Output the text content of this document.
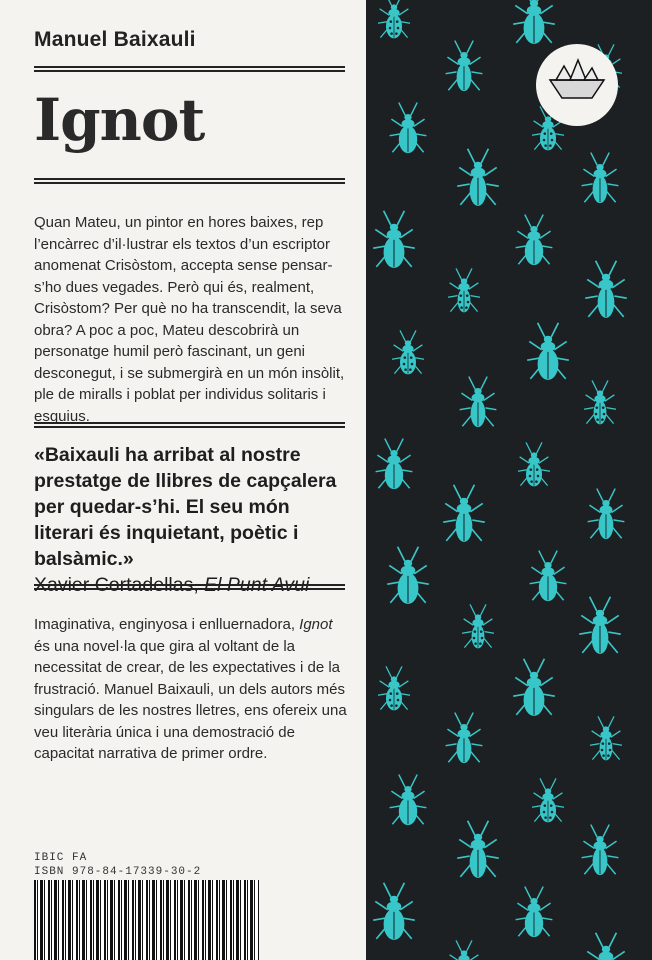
Manuel Baixauli
Ignot
Quan Mateu, un pintor en hores baixes, rep l’encàrrec d’il·lustrar els textos d’un escriptor anomenat Crisòstom, accepta sense pensar-s’ho dues vegades. Però qui és, realment, Crisòstom? Per què no ha transcendit, la seva obra? A poc a poc, Mateu descobrirà un personatge humil però fascinant, un geni desconegut, i se submergirà en un món insòlit, ple de miralls i poblat per individus solitaris i esquius.
«Baixauli ha arribat al nostre prestatge de llibres de capçalera per quedar-s’hi. El seu món literari és inquietant, poètic i balsàmic.»
Xavier Cortadellas, El Punt Avui
Imaginativa, enginyosa i enlluernadora, Ignot és una novel·la que gira al voltant de la necessitat de crear, de les expectatives i de la frustració. Manuel Baixauli, un dels autors més singulars de les nostres lletres, ens ofereix una veu literària única i una demostració de capacitat narrativa de primer ordre.
IBIC FA
ISBN 978-84-17339-30-2
